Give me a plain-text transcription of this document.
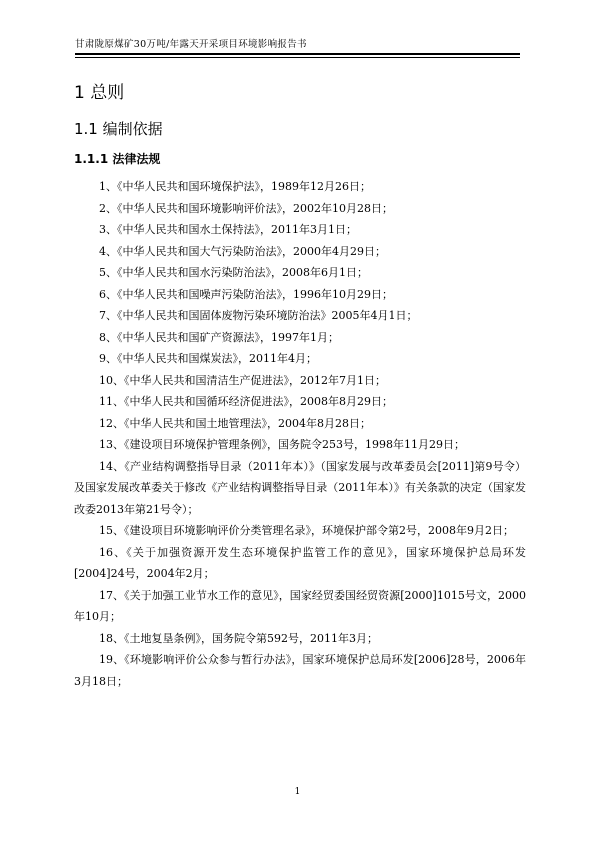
甘肃陇原煤矿30万吨/年露天开采项目环境影响报告书
1 总则
1.1 编制依据
1.1.1 法律法规
1、《中华人民共和国环境保护法》，1989年12月26日；
2、《中华人民共和国环境影响评价法》，2002年10月28日；
3、《中华人民共和国水土保持法》，2011年3月1日；
4、《中华人民共和国大气污染防治法》，2000年4月29日；
5、《中华人民共和国水污染防治法》，2008年6月1日；
6、《中华人民共和国噪声污染防治法》，1996年10月29日；
7、《中华人民共和国固体废物污染环境防治法》2005年4月1日；
8、《中华人民共和国矿产资源法》，1997年1月；
9、《中华人民共和国煤炭法》，2011年4月；
10、《中华人民共和国清洁生产促进法》，2012年7月1日；
11、《中华人民共和国循环经济促进法》，2008年8月29日；
12、《中华人民共和国土地管理法》，2004年8月28日；
13、《建设项目环境保护管理条例》，国务院令253号，1998年11月29日；
14、《产业结构调整指导目录（2011年本）》（国家发展与改革委员会[2011]第9号令）及国家发展改革委关于修改《产业结构调整指导目录（2011年本）》有关条款的决定（国家发改委2013年第21号令）；
15、《建设项目环境影响评价分类管理名录》，环境保护部令第2号，2008年9月2日；
16、《关于加强资源开发生态环境保护监管工作的意见》，国家环境保护总局环发[2004]24号，2004年2月；
17、《关于加强工业节水工作的意见》，国家经贸委国经贸资源[2000]1015号文，2000年10月；
18、《土地复垦条例》，国务院令第592号，2011年3月；
19、《环境影响评价公众参与暂行办法》，国家环境保护总局环发[2006]28号，2006年3月18日；
1
